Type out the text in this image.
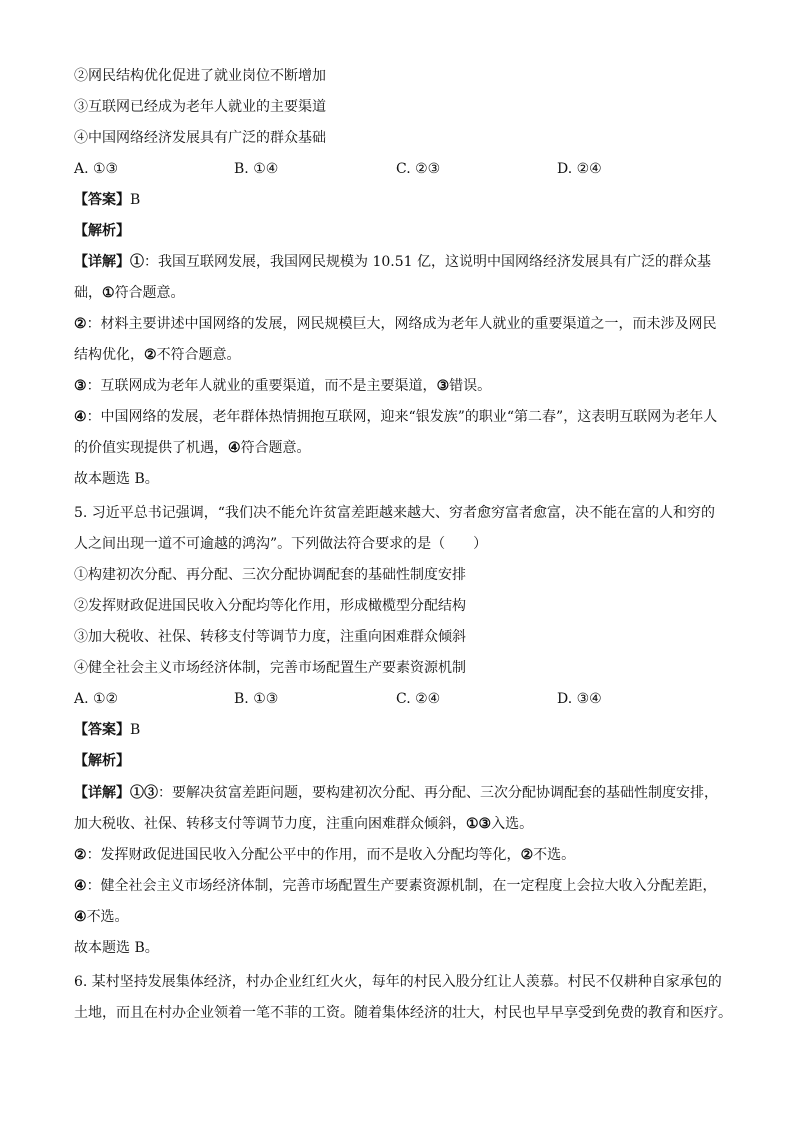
②网民结构优化促进了就业岗位不断增加
③互联网已经成为老年人就业的主要渠道
④中国网络经济发展具有广泛的群众基础
A. ①③	B. ①④	C. ②③	D. ②④
【答案】B
【解析】
【详解】①：我国互联网发展，我国网民规模为 10.51 亿，这说明中国网络经济发展具有广泛的群众基
础，①符合题意。
②：材料主要讲述中国网络的发展，网民规模巨大，网络成为老年人就业的重要渠道之一，而未涉及网民
结构优化，②不符合题意。
③：互联网成为老年人就业的重要渠道，而不是主要渠道，③错误。
④：中国网络的发展，老年群体热情拥抱互联网，迎来“银发族”的职业“第二春”，这表明互联网为老年人
的价值实现提供了机遇，④符合题意。
故本题选 B。
5. 习近平总书记强调，“我们决不能允许贫富差距越来越大、穷者愈穷富者愈富，决不能在富的人和穷的
人之间出现一道不可逾越的鸿沟”。下列做法符合要求的是（　　）
①构建初次分配、再分配、三次分配协调配套的基础性制度安排
②发挥财政促进国民收入分配均等化作用，形成橄榄型分配结构
③加大税收、社保、转移支付等调节力度，注重向困难群众倾斜
④健全社会主义市场经济体制，完善市场配置生产要素资源机制
A. ①②	B. ①③	C. ②④	D. ③④
【答案】B
【解析】
【详解】①③：要解决贫富差距问题，要构建初次分配、再分配、三次分配协调配套的基础性制度安排，
加大税收、社保、转移支付等调节力度，注重向困难群众倾斜，①③入选。
②：发挥财政促进国民收入分配公平中的作用，而不是收入分配均等化，②不选。
④：健全社会主义市场经济体制，完善市场配置生产要素资源机制，在一定程度上会拉大收入分配差距，
④不选。
故本题选 B。
6. 某村坚持发展集体经济，村办企业红红火火，每年的村民入股分红让人羡慕。村民不仅耕种自家承包的
土地，而且在村办企业领着一笔不菲的工资。随着集体经济的壮大，村民也早早享受到免费的教育和医疗。
